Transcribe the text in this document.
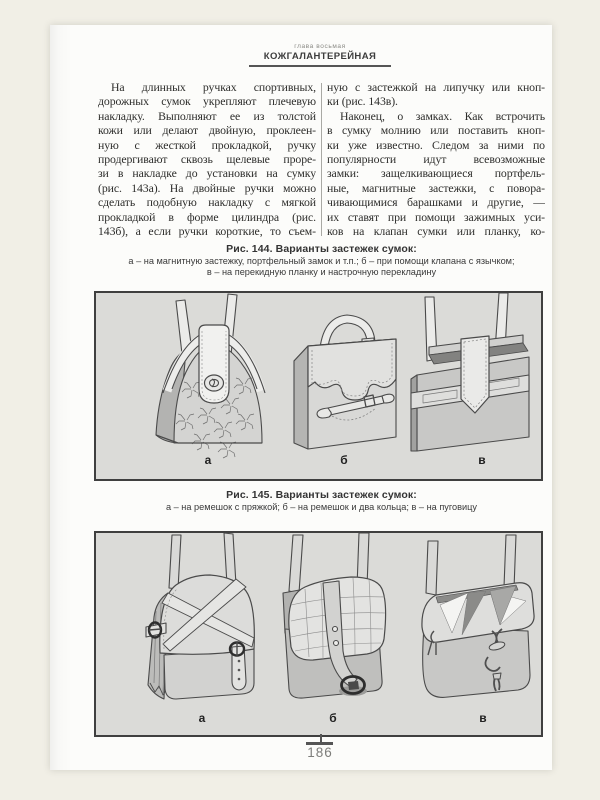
глава восьмая
КОЖГАЛАНТЕРЕЙНАЯ
На длинных ручках спортивных,
дорожных сумок укрепляют плечевую
накладку. Выполняют ее из толстой
кожи или делают двойную, проклеен-
ную с жесткой прокладкой, ручку
продергивают сквозь щелевые проре-
зи в накладке до установки на сумку
(рис. 143а). На двойные ручки можно
сделать подобную накладку с мягкой
прокладкой в форме цилиндра (рис.
143б), а если ручки короткие, то съем-
ную с застежкой на липучку или кноп-
ки (рис. 143в).
Наконец, о замках. Как встрочить
в сумку молнию или поставить кноп-
ки уже известно. Следом за ними по
популярности идут всевозможные
замки: защелкивающиеся портфель-
ные, магнитные застежки, с повора-
чивающимися барашками и другие, —
их ставят при помощи зажимных уси-
ков на клапан сумки или планку, ко-
Рис. 144. Варианты застежек сумок:
а – на магнитную застежку, портфельный замок и т.п.; б – при помощи клапана с язычком;
в – на перекидную планку и настрочную перекладину
а	б	в
Рис. 145. Варианты застежек сумок:
а – на ремешок с пряжкой; б – на ремешок и два кольца; в – на пуговицу
а	б	в
186
